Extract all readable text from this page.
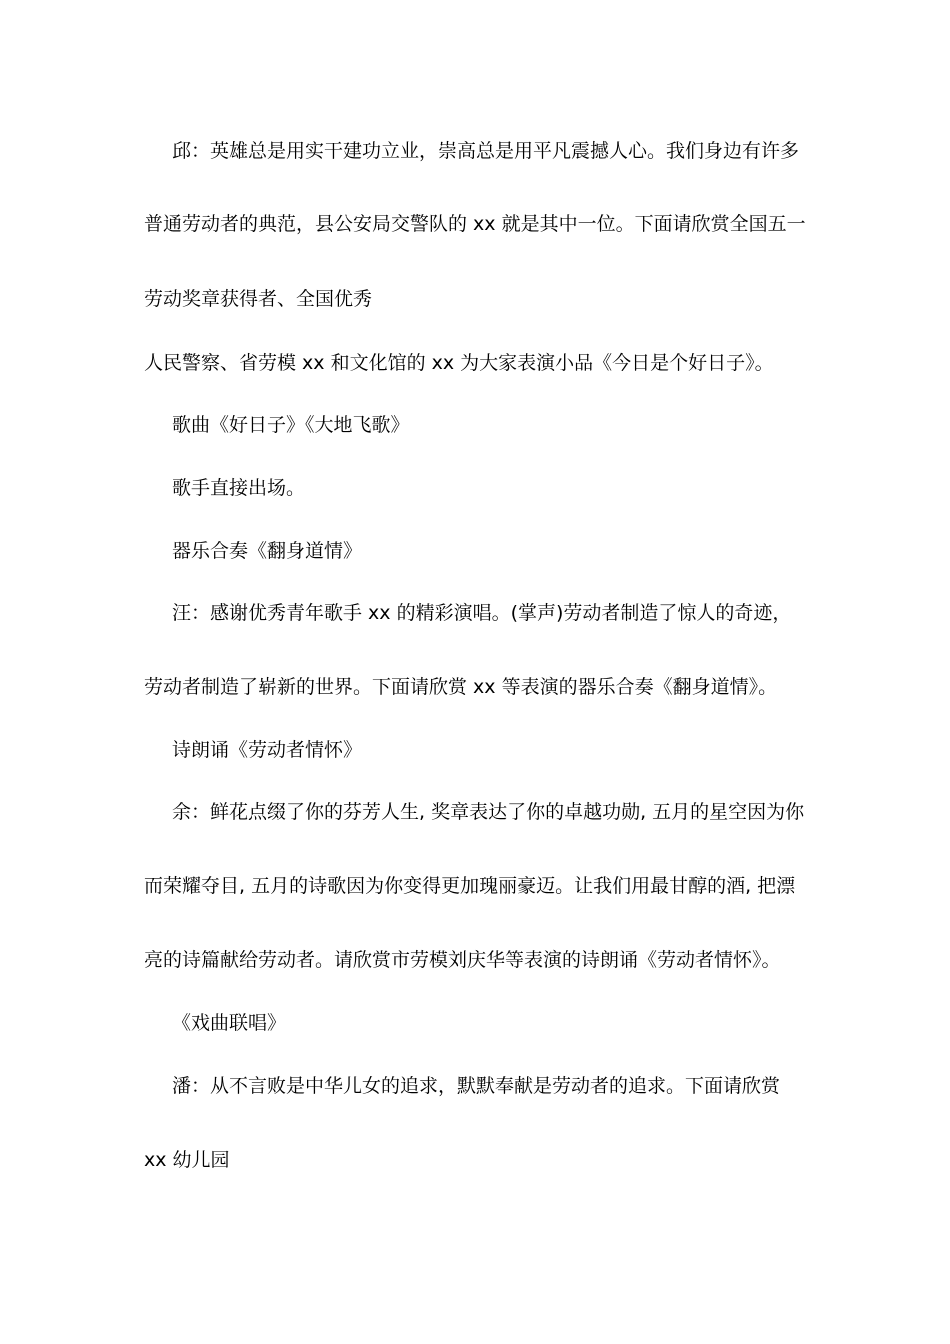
邱：英雄总是用实干建功立业，崇高总是用平凡震撼人心。我们身边有许多

普通劳动者的典范，县公安局交警队的 xx 就是其中一位。下面请欣赏全国五一

劳动奖章获得者、全国优秀

人民警察、省劳模 xx 和文化馆的 xx 为大家表演小品《今日是个好日子》。

歌曲《好日子》《大地飞歌》

歌手直接出场。

器乐合奏《翻身道情》

汪：感谢优秀青年歌手 xx 的精彩演唱。(掌声)劳动者制造了惊人的奇迹，

劳动者制造了崭新的世界。下面请欣赏 xx 等表演的器乐合奏《翻身道情》。

诗朗诵《劳动者情怀》

余：鲜花点缀了你的芬芳人生, 奖章表达了你的卓越功勋, 五月的星空因为你

而荣耀夺目, 五月的诗歌因为你变得更加瑰丽豪迈。让我们用最甘醇的酒, 把漂

亮的诗篇献给劳动者。请欣赏市劳模刘庆华等表演的诗朗诵《劳动者情怀》。

《戏曲联唱》

潘：从不言败是中华儿女的追求，默默奉献是劳动者的追求。下面请欣赏

xx 幼儿园
